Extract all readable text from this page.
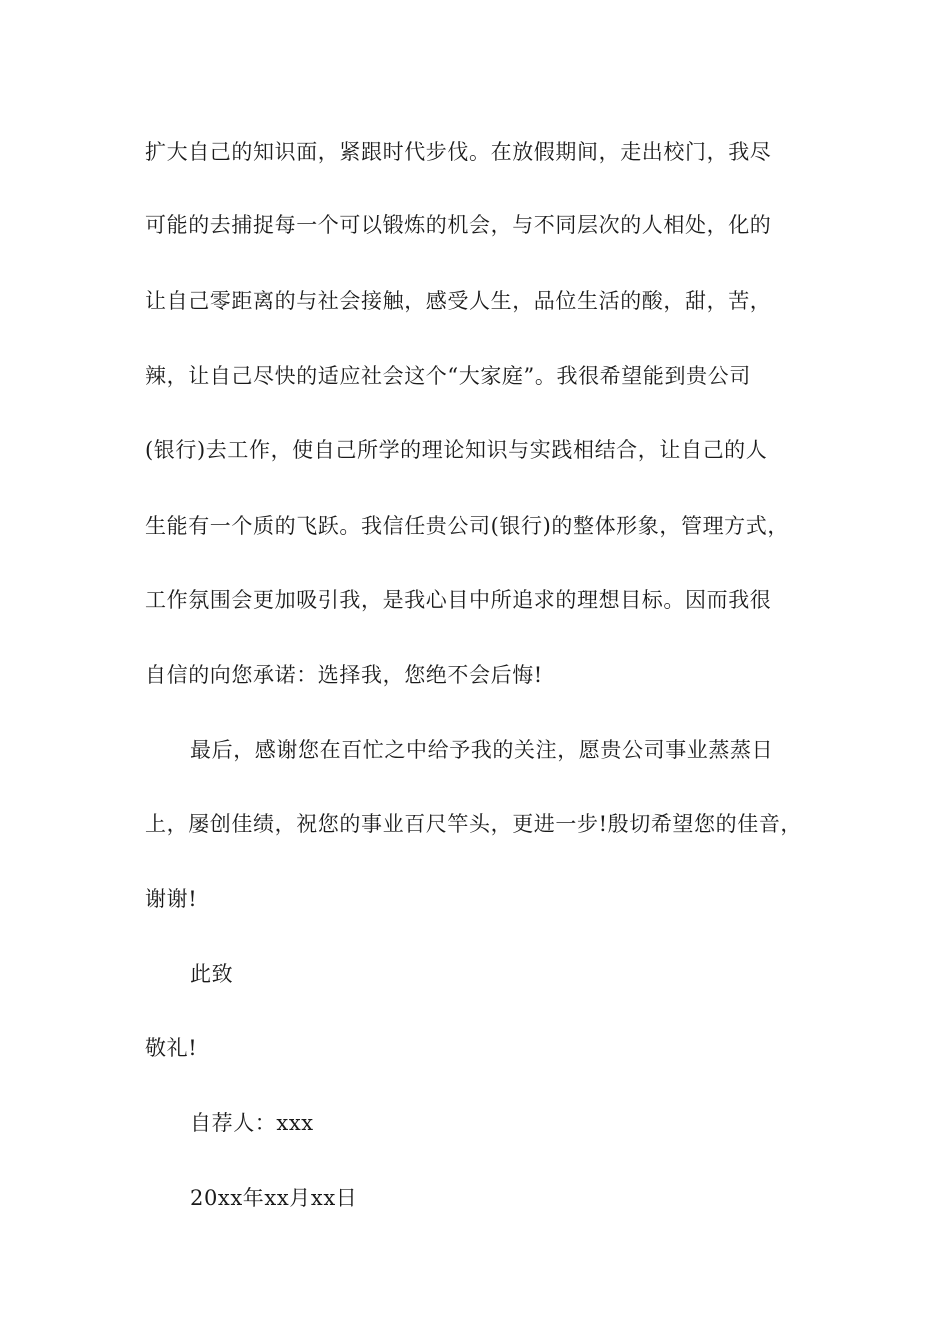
扩大自己的知识面，紧跟时代步伐。在放假期间，走出校门，我尽
可能的去捕捉每一个可以锻炼的机会，与不同层次的人相处，化的
让自己零距离的与社会接触，感受人生，品位生活的酸，甜，苦，
辣，让自己尽快的适应社会这个“大家庭”。我很希望能到贵公司
(银行)去工作，使自己所学的理论知识与实践相结合，让自己的人
生能有一个质的飞跃。我信任贵公司(银行)的整体形象，管理方式，
工作氛围会更加吸引我，是我心目中所追求的理想目标。因而我很
自信的向您承诺：选择我，您绝不会后悔!
最后，感谢您在百忙之中给予我的关注，愿贵公司事业蒸蒸日
上，屡创佳绩，祝您的事业百尺竿头，更进一步!殷切希望您的佳音，
谢谢!
此致
敬礼!
自荐人：xxx
20xx年xx月xx日
